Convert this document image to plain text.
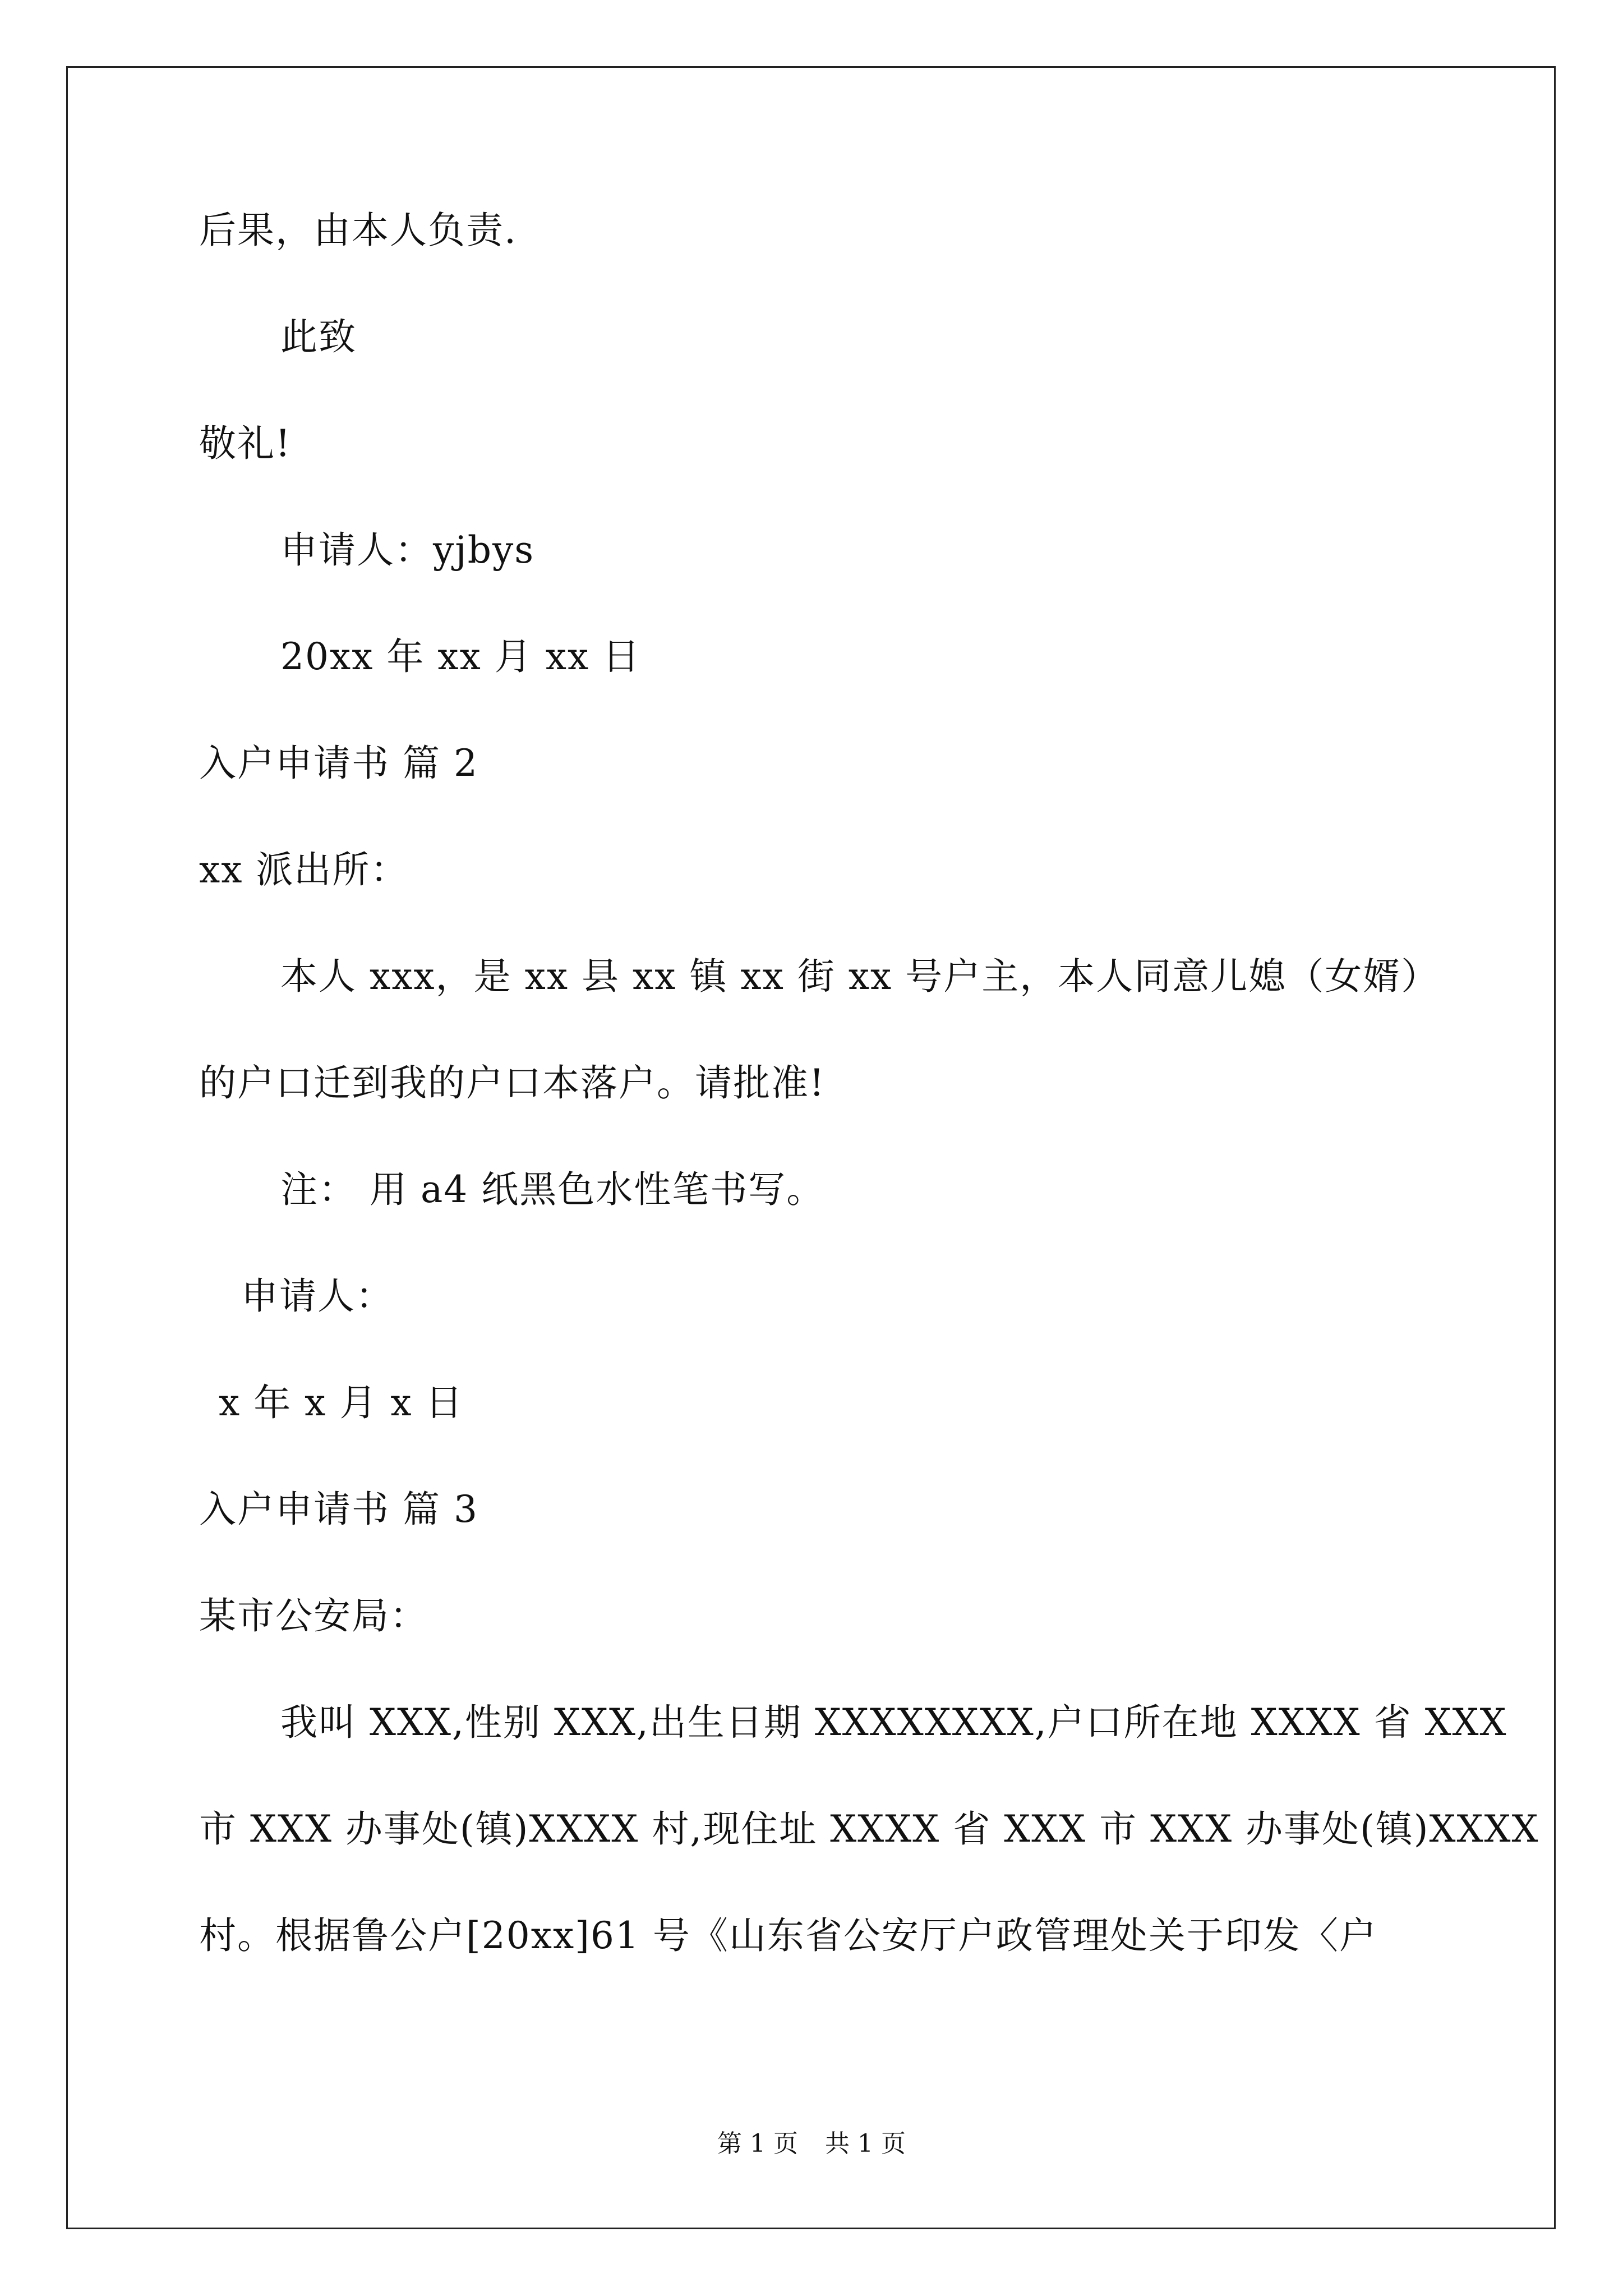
后果，由本人负责.
此致
敬礼!
申请人：yjbys
20xx 年 xx 月 xx 日
入户申请书 篇 2
xx 派出所：
本人 xxx，是 xx 县 xx 镇 xx 街 xx 号户主，本人同意儿媳（女婿）
的户口迁到我的户口本落户。请批准!
注： 用 a4 纸黑色水性笔书写。
申请人：
x 年 x 月 x 日
入户申请书 篇 3
某市公安局：
我叫 XXX,性别 XXX,出生日期 XXXXXXXX,户口所在地 XXXX 省 XXX
市 XXX 办事处(镇)XXXX 村,现住址 XXXX 省 XXX 市 XXX 办事处(镇)XXXX
村。根据鲁公户[20xx]61 号《山东省公安厅户政管理处关于印发〈户
第 1 页 共 1 页
